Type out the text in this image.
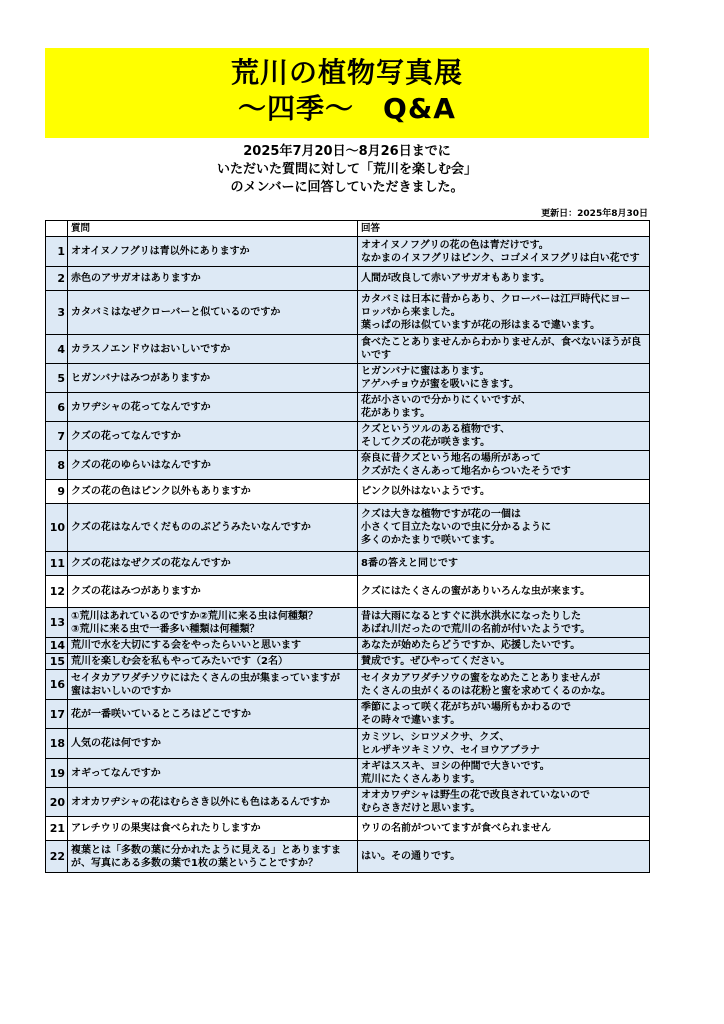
荒川の植物写真展
～四季～　Q&A
2025年7月20日～8月26日までに
いただいた質問に対して「荒川を楽しむ会」
のメンバーに回答していただきました。
更新日：2025年8月30日
	質問	回答
1	オオイヌノフグリは青以外にありますか	オオイヌノフグリの花の色は青だけです。
なかまのイヌフグリはピンク、コゴメイヌフグリは白い花です
2	赤色のアサガオはありますか	人間が改良して赤いアサガオもあります。
3	カタバミはなぜクローバーと似ているのですか	カタバミは日本に昔からあり、クローバーは江戸時代にヨー
ロッパから来ました。
葉っぱの形は似ていますが花の形はまるで違います。
4	カラスノエンドウはおいしいですか	食べたことありませんからわかりませんが、食べないほうが良
いです
5	ヒガンバナはみつがありますか	ヒガンバナに蜜はあります。
アゲハチョウが蜜を吸いにきます。
6	カワヂシャの花ってなんですか	花が小さいので分かりにくいですが、
花があります。
7	クズの花ってなんですか	クズというツルのある植物です、
そしてクズの花が咲きます。
8	クズの花のゆらいはなんですか	奈良に昔クズという地名の場所があって
クズがたくさんあって地名からついたそうです
9	クズの花の色はピンク以外もありますか	ピンク以外はないようです。
10	クズの花はなんでくだもののぶどうみたいなんですか	クズは大きな植物ですが花の一個は
小さくて目立たないので虫に分かるように
多くのかたまりで咲いてます。
11	クズの花はなぜクズの花なんですか	8番の答えと同じです
12	クズの花はみつがありますか	クズにはたくさんの蜜がありいろんな虫が来ます。
13	①荒川はあれているのですか②荒川に来る虫は何種類？
③荒川に来る虫で一番多い種類は何種類？	昔は大雨になるとすぐに洪水洪水になったりした
あばれ川だったので荒川の名前が付いたようです。
14	荒川で水を大切にする会をやったらいいと思います	あなたが始めたらどうですか、応援したいです。
15	荒川を楽しむ会を私もやってみたいです（2名）	賛成です。ぜひやってください。
16	セイタカアワダチソウにはたくさんの虫が集まっていますが
蜜はおいしいのですか	セイタカアワダチソウの蜜をなめたことありませんが
たくさんの虫がくるのは花粉と蜜を求めてくるのかな。
17	花が一番咲いているところはどこですか	季節によって咲く花がちがい場所もかわるので
その時々で違います。
18	人気の花は何ですか	カミツレ、シロツメクサ、クズ、
ヒルザキツキミソウ、セイヨウアブラナ
19	オギってなんですか	オギはススキ、ヨシの仲間で大きいです。
荒川にたくさんあります。
20	オオカワヂシャの花はむらさき以外にも色はあるんですか	オオカワヂシャは野生の花で改良されていないので
むらさきだけと思います。
21	アレチウリの果実は食べられたりしますか	ウリの名前がついてますが食べられません
22	複葉とは「多数の葉に分かれたように見える」とありますま
が、写真にある多数の葉で1枚の葉ということですか？	はい。その通りです。
